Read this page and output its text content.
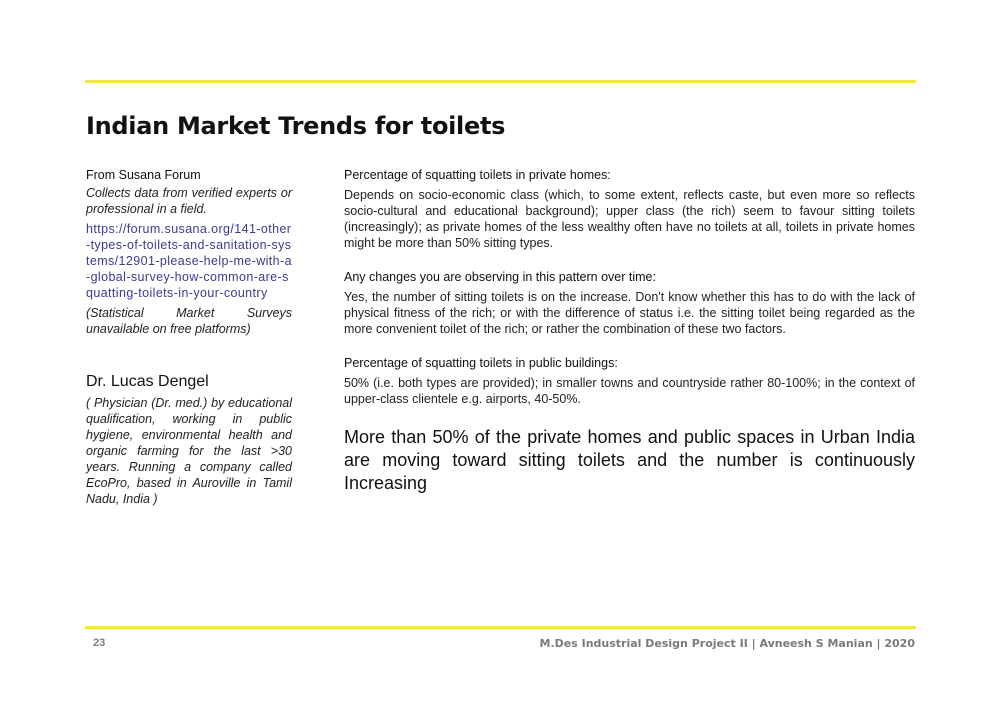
Indian Market Trends for toilets

From Susana Forum

Collects data from verified experts or professional in a field.

https://forum.susana.org/141-other-types-of-toilets-and-sanitation-systems/12901-please-help-me-with-a-global-survey-how-common-are-squatting-toilets-in-your-country

(Statistical Market Surveys unavailable on free platforms)

Dr. Lucas Dengel

( Physician (Dr. med.) by educational qualification, working in public hygiene, environmental health and organic farming for the last >30 years. Running a company called EcoPro, based in Auroville in Tamil Nadu, India )

Percentage of squatting toilets in private homes:

Depends on socio-economic class (which, to some extent, reflects caste, but even more so reflects socio-cultural and educational background); upper class (the rich) seem to favour sitting toilets (increasingly); as private homes of the less wealthy often have no toilets at all, toilets in private homes might be more than 50% sitting types.

Any changes you are observing in this pattern over time:

Yes, the number of sitting toilets is on the increase. Don't know whether this has to do with the lack of physical fitness of the rich; or with the difference of status i.e. the sitting toilet being regarded as the more convenient toilet of the rich; or rather the combination of these two factors.

Percentage of squatting toilets in public buildings:

50% (i.e. both types are provided); in smaller towns and countryside rather 80-100%; in the context of upper-class clientele e.g. airports, 40-50%.

More than 50% of the private homes and public spaces in Urban India are moving toward sitting toilets and the number is continuously Increasing

23	M.Des Industrial Design Project II | Avneesh S Manian | 2020
